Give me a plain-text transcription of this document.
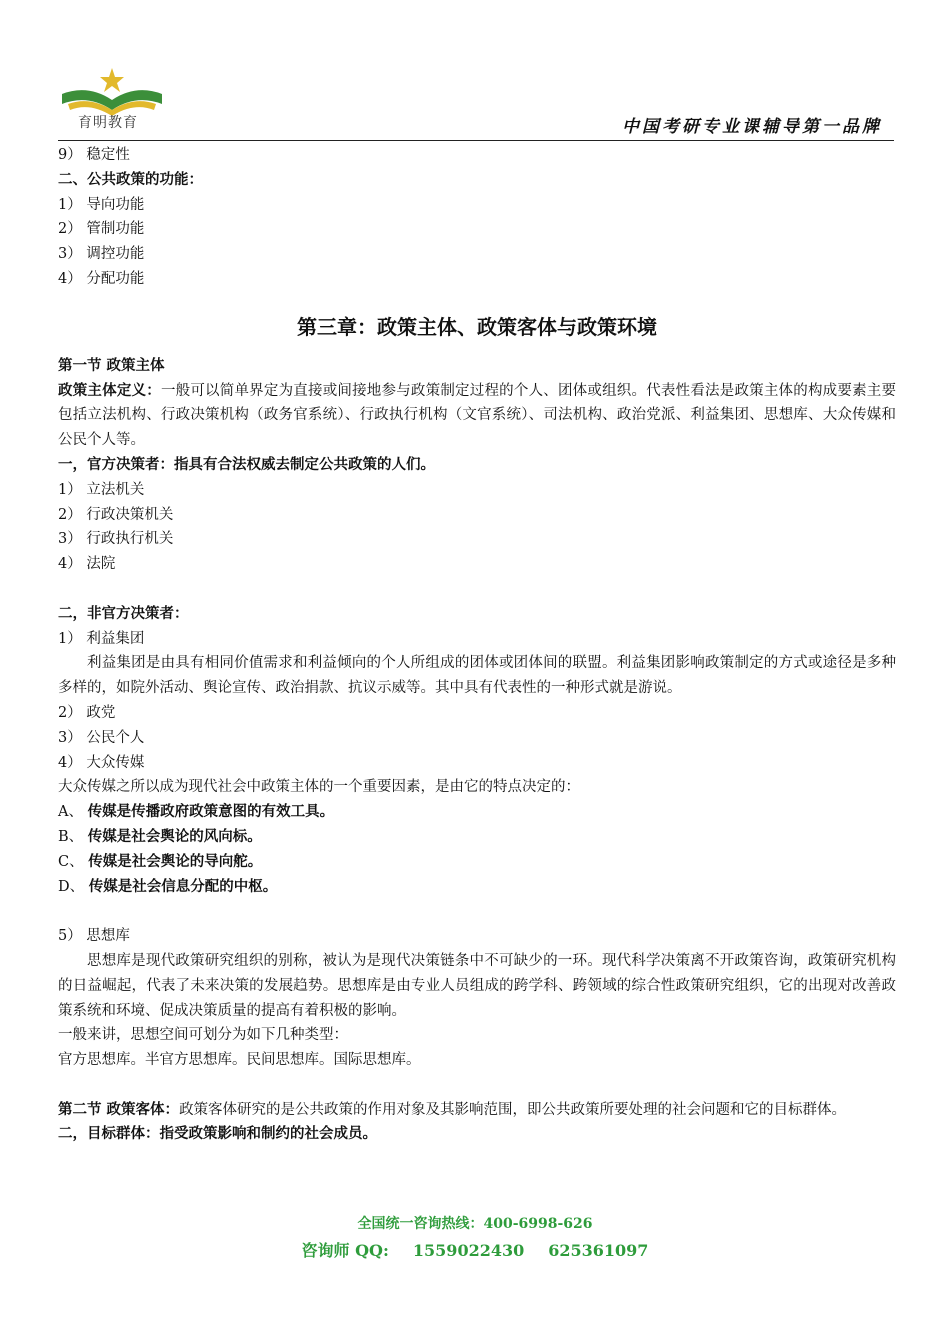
育明教育	中国考研专业课辅导第一品牌
9） 稳定性
二、公共政策的功能：
1） 导向功能
2） 管制功能
3） 调控功能
4） 分配功能
第三章：政策主体、政策客体与政策环境
第一节 政策主体
政策主体定义：一般可以简单界定为直接或间接地参与政策制定过程的个人、团体或组织。代表性看法是政策主体的构成要素主要包括立法机构、行政决策机构（政务官系统）、行政执行机构（文官系统）、司法机构、政治党派、利益集团、思想库、大众传媒和公民个人等。
一，官方决策者：指具有合法权威去制定公共政策的人们。
1） 立法机关
2） 行政决策机关
3） 行政执行机关
4） 法院
二，非官方决策者：
1） 利益集团
利益集团是由具有相同价值需求和利益倾向的个人所组成的团体或团体间的联盟。利益集团影响政策制定的方式或途径是多种多样的，如院外活动、舆论宣传、政治捐款、抗议示威等。其中具有代表性的一种形式就是游说。
2） 政党
3） 公民个人
4） 大众传媒
大众传媒之所以成为现代社会中政策主体的一个重要因素，是由它的特点决定的：
A、 传媒是传播政府政策意图的有效工具。
B、 传媒是社会舆论的风向标。
C、 传媒是社会舆论的导向舵。
D、 传媒是社会信息分配的中枢。
5） 思想库
思想库是现代政策研究组织的别称，被认为是现代决策链条中不可缺少的一环。现代科学决策离不开政策咨询，政策研究机构的日益崛起，代表了未来决策的发展趋势。思想库是由专业人员组成的跨学科、跨领域的综合性政策研究组织，它的出现对改善政策系统和环境、促成决策质量的提高有着积极的影响。
一般来讲，思想空间可划分为如下几种类型：
官方思想库。半官方思想库。民间思想库。国际思想库。
第二节 政策客体：政策客体研究的是公共政策的作用对象及其影响范围，即公共政策所要处理的社会问题和它的目标群体。
二，目标群体：指受政策影响和制约的社会成员。
全国统一咨询热线：400-6998-626
咨询师 QQ: 1559022430 625361097
